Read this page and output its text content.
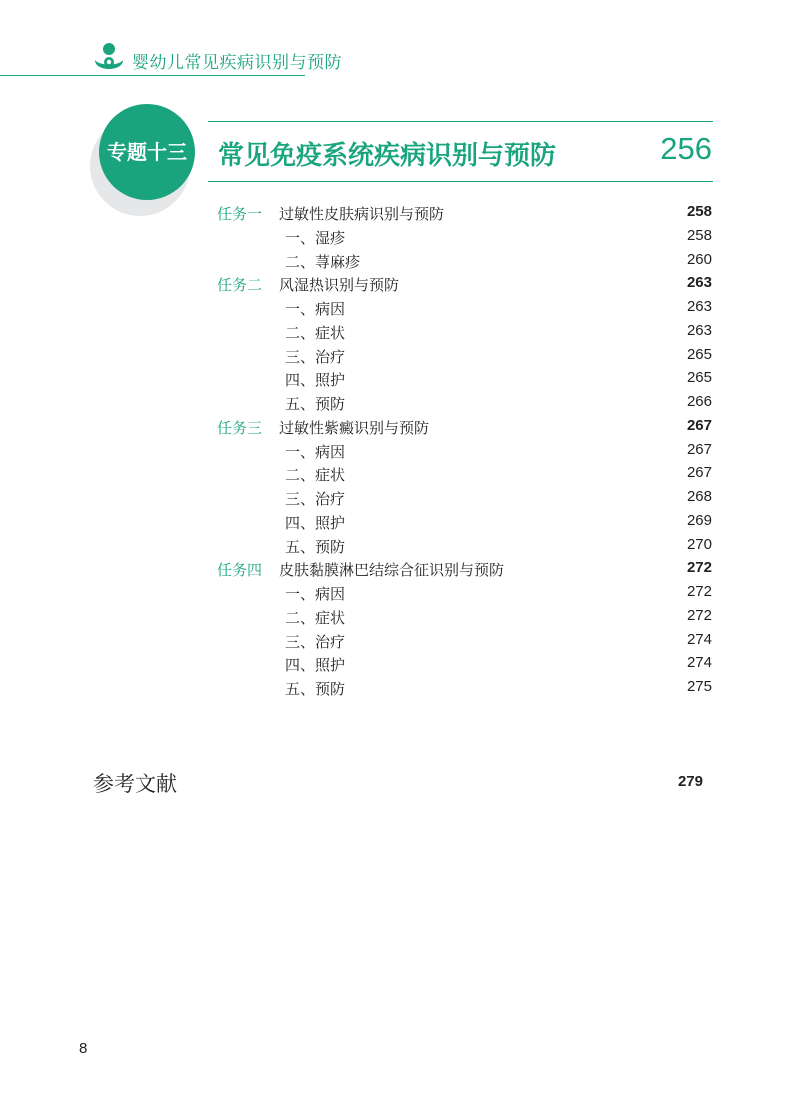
婴幼儿常见疾病识别与预防
专题十三	常见免疫系统疾病识别与预防	256
任务一 过敏性皮肤病识别与预防	258
一、湿疹	258
二、荨麻疹	260
任务二 风湿热识别与预防	263
一、病因	263
二、症状	263
三、治疗	265
四、照护	265
五、预防	266
任务三 过敏性紫癜识别与预防	267
一、病因	267
二、症状	267
三、治疗	268
四、照护	269
五、预防	270
任务四 皮肤黏膜淋巴结综合征识别与预防	272
一、病因	272
二、症状	272
三、治疗	274
四、照护	274
五、预防	275
参考文献	279
8
